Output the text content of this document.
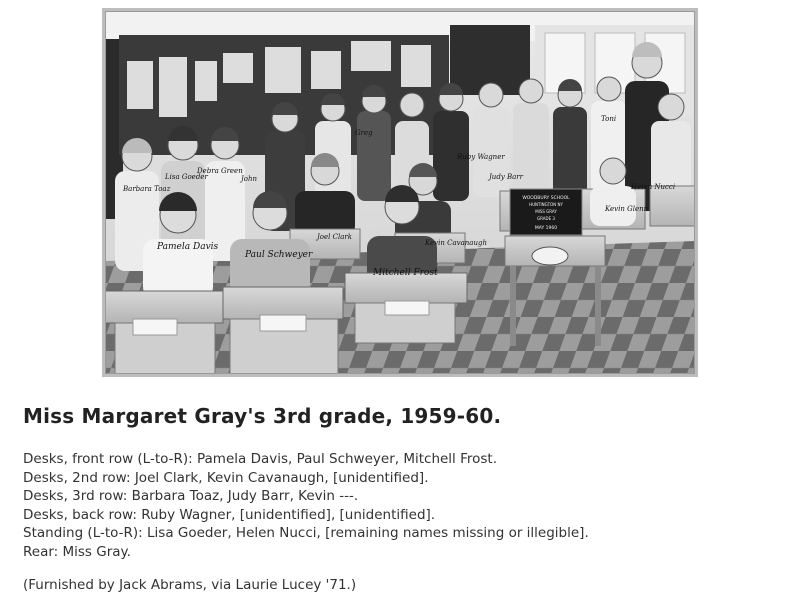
WOODBURY SCHOOL
HUNTINGTON NY
MISS GRAY
GRADE 3
MAY 1960
Pamela Davis
Paul Schweyer
Mitchell Frost
Joel Clark
Kevin Cavanaugh
Kevin Glenn
Barbara Toaz
Judy Barr
Ruby Wagner
Helen Nucci
Lisa Goeder
Debra Green
John
Greg
Toni
Miss Margaret Gray's 3rd grade, 1959-60.
Desks, front row (L-to-R): Pamela Davis, Paul Schweyer, Mitchell Frost.
Desks, 2nd row: Joel Clark, Kevin Cavanaugh, [unidentified].
Desks, 3rd row: Barbara Toaz, Judy Barr, Kevin ---.
Desks, back row: Ruby Wagner, [unidentified], [unidentified].
Standing (L-to-R): Lisa Goeder, Helen Nucci, [remaining names missing or illegible].
Rear: Miss Gray.
(Furnished by Jack Abrams, via Laurie Lucey '71.)
